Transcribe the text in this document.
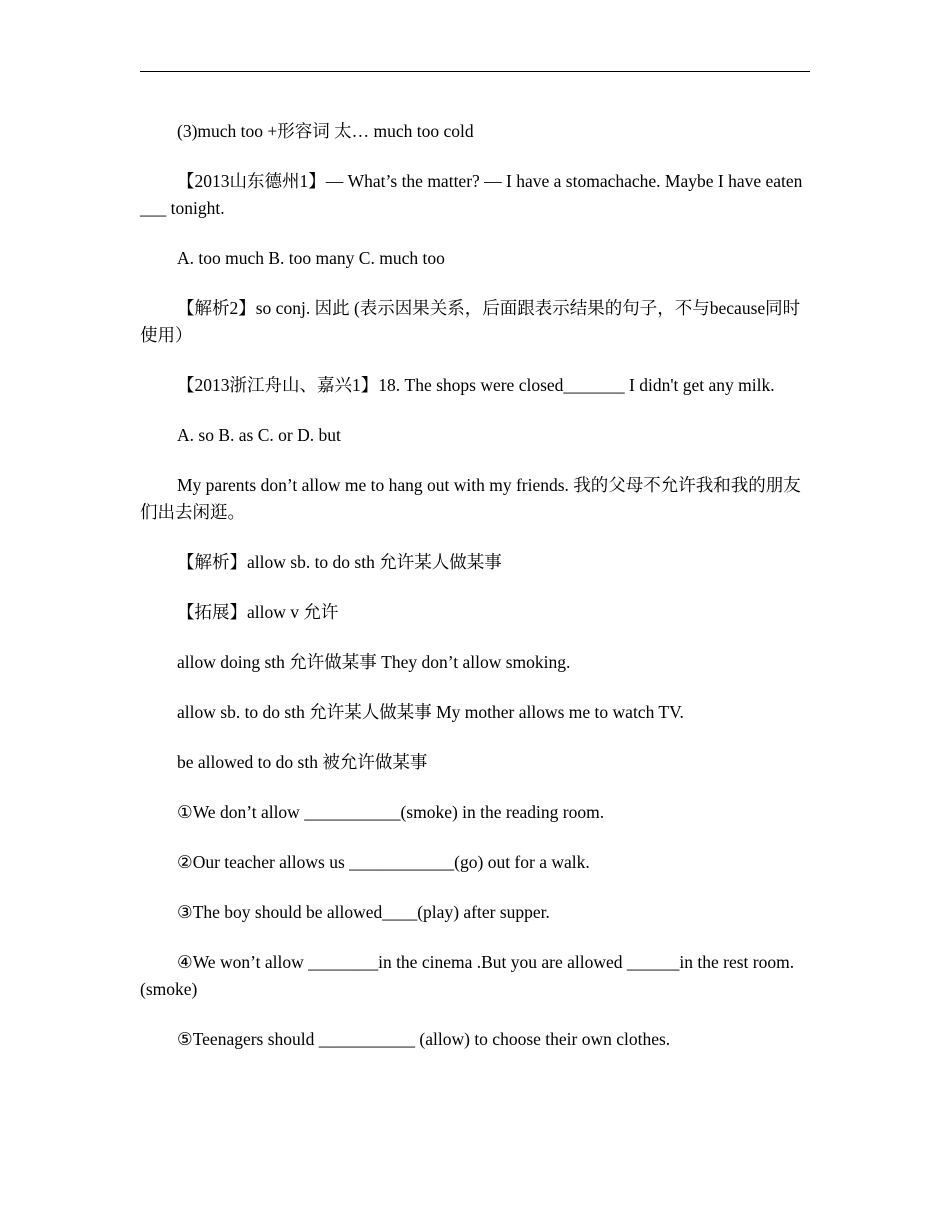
(3)much too +形容词 太… much too cold

【2013山东德州1】— What’s the matter? — I have a stomachache. Maybe I have eaten ___ tonight.

A. too much B. too many C. much too

【解析2】so conj. 因此 (表示因果关系，后面跟表示结果的句子，不与because同时使用）

【2013浙江舟山、嘉兴1】18. The shops were closed_______ I didn't get any milk.

A. so B. as C. or D. but

My parents don’t allow me to hang out with my friends. 我的父母不允许我和我的朋友们出去闲逛。

【解析】allow sb. to do sth 允许某人做某事

【拓展】allow v 允许

allow doing sth 允许做某事 They don’t allow smoking.

allow sb. to do sth 允许某人做某事 My mother allows me to watch TV.

be allowed to do sth 被允许做某事

①We don’t allow ___________(smoke) in the reading room.

②Our teacher allows us ____________(go) out for a walk.

③The boy should be allowed____(play) after supper.

④We won’t allow ________in the cinema .But you are allowed ______in the rest room.(smoke)

⑤Teenagers should ___________ (allow) to choose their own clothes.
